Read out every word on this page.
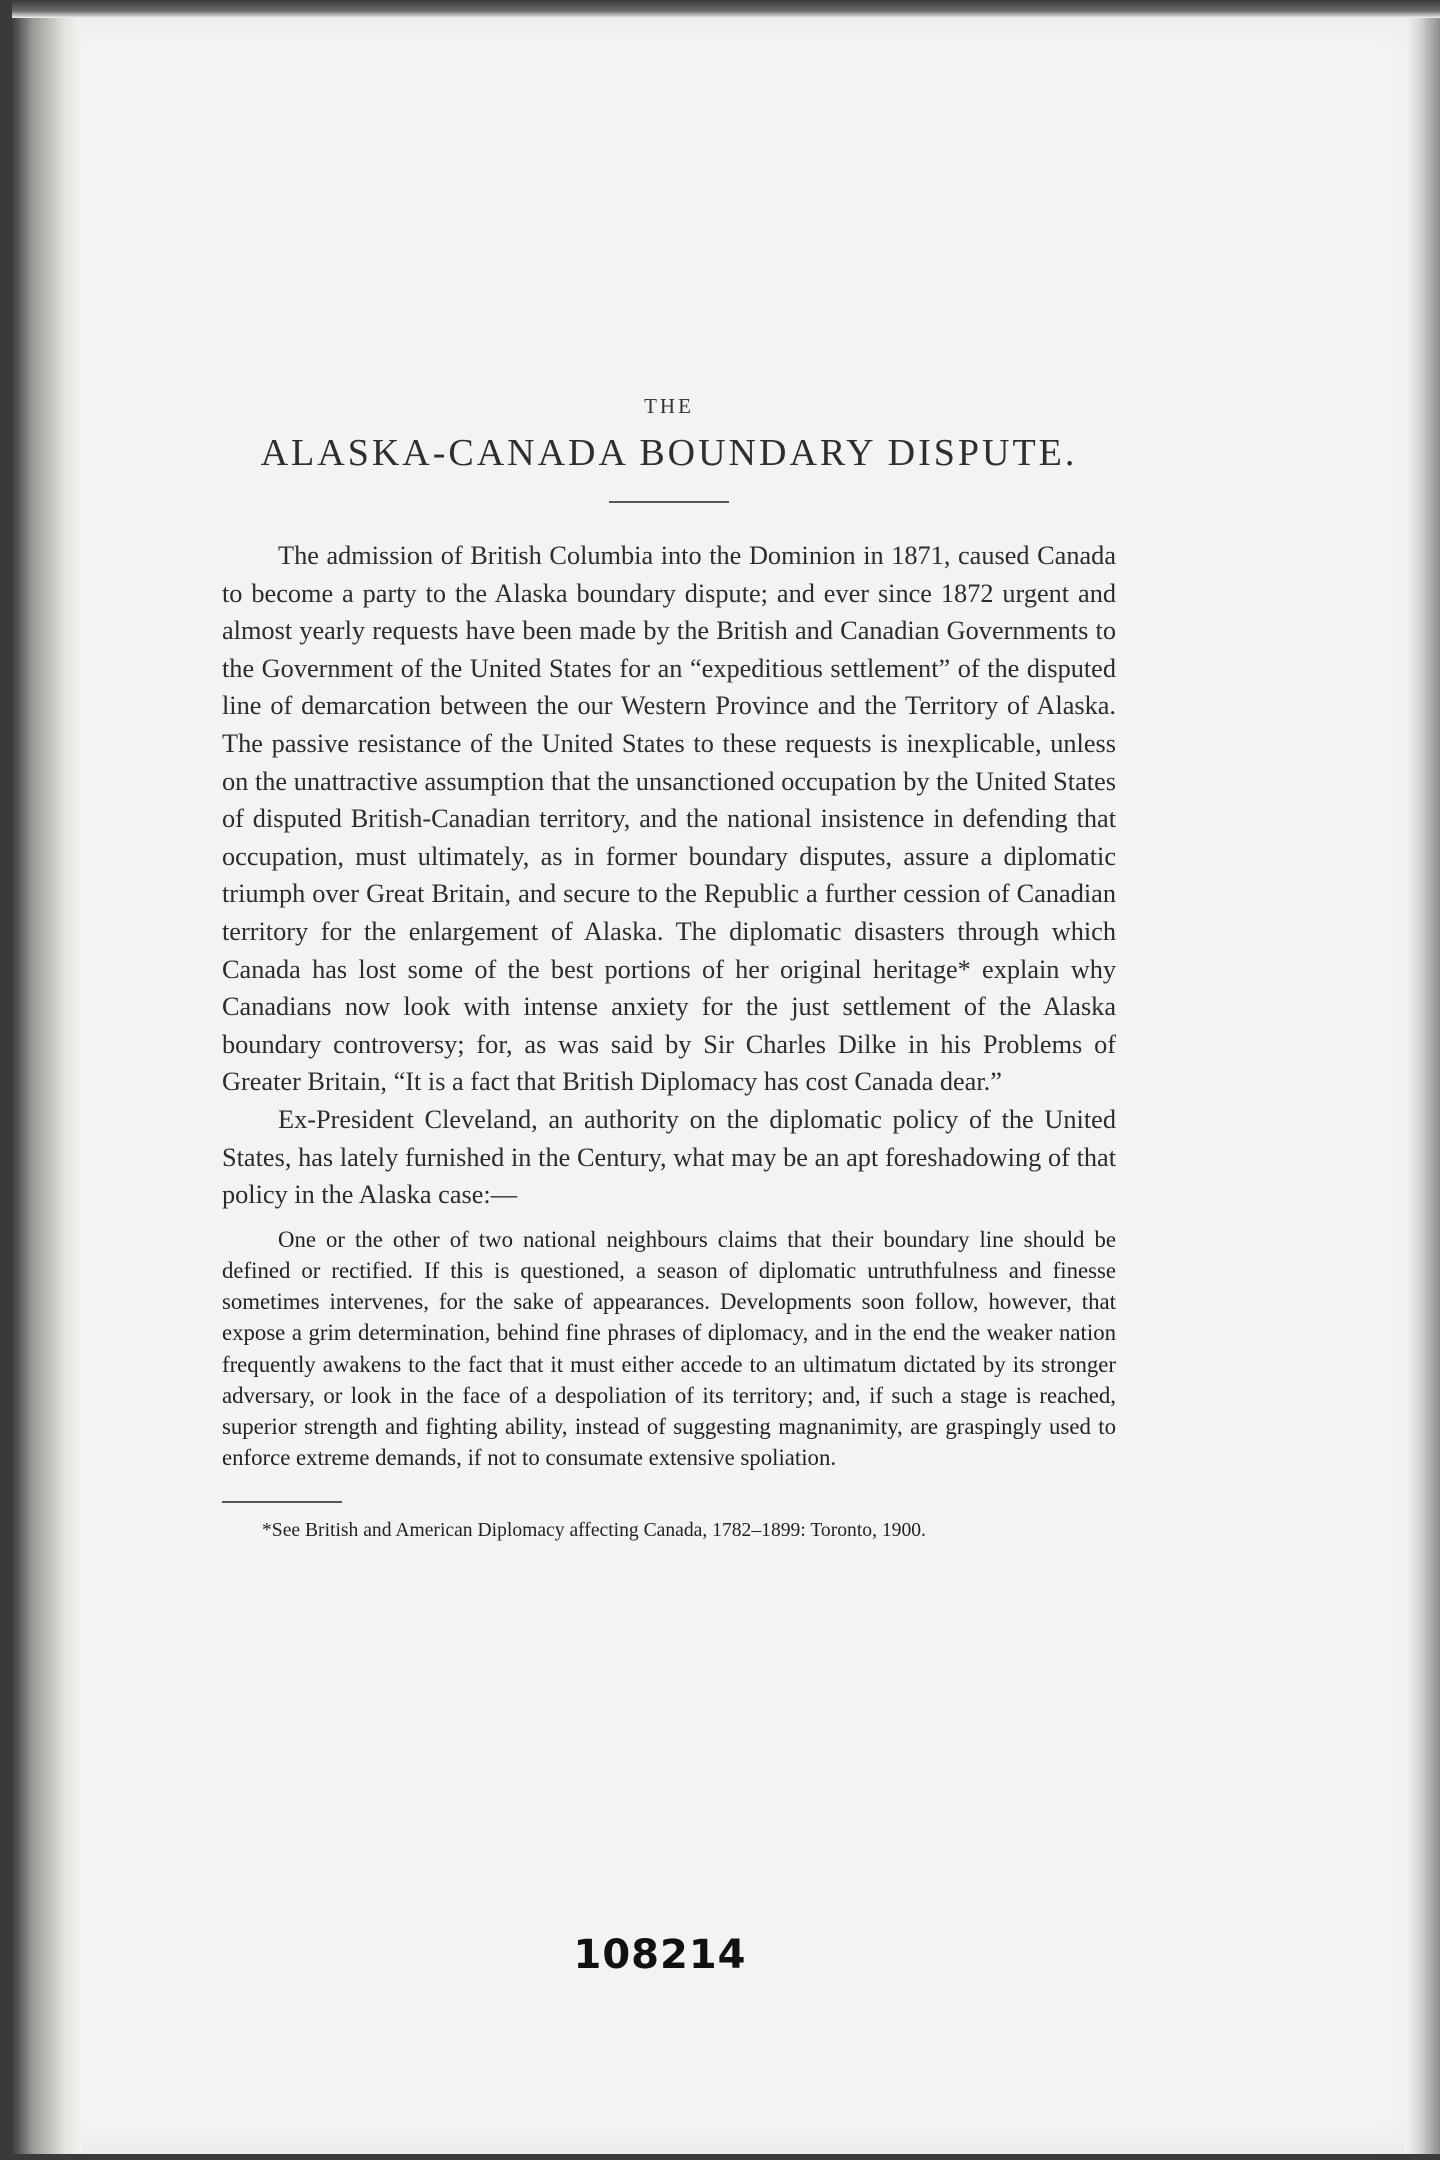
THE
ALASKA-CANADA BOUNDARY DISPUTE.

The admission of British Columbia into the Dominion in 1871, caused Canada to become a party to the Alaska boundary dispute; and ever since 1872 urgent and almost yearly requests have been made by the British and Canadian Governments to the Government of the United States for an “expeditious settlement” of the disputed line of demarcation between the our Western Province and the Territory of Alaska. The passive resistance of the United States to these requests is inexplicable, unless on the unattractive assumption that the unsanctioned occupation by the United States of disputed British-Canadian territory, and the national insistence in defending that occupation, must ultimately, as in former boundary disputes, assure a diplomatic triumph over Great Britain, and secure to the Republic a further cession of Canadian territory for the enlargement of Alaska. The diplomatic disasters through which Canada has lost some of the best portions of her original heritage* explain why Canadians now look with intense anxiety for the just settlement of the Alaska boundary controversy; for, as was said by Sir Charles Dilke in his Problems of Greater Britain, “It is a fact that British Diplomacy has cost Canada dear.”

Ex-President Cleveland, an authority on the diplomatic policy of the United States, has lately furnished in the Century, what may be an apt foreshadowing of that policy in the Alaska case:—

One or the other of two national neighbours claims that their boundary line should be defined or rectified. If this is questioned, a season of diplomatic untruthfulness and finesse sometimes intervenes, for the sake of appearances. Developments soon follow, however, that expose a grim determination, behind fine phrases of diplomacy, and in the end the weaker nation frequently awakens to the fact that it must either accede to an ultimatum dictated by its stronger adversary, or look in the face of a despoliation of its territory; and, if such a stage is reached, superior strength and fighting ability, instead of suggesting magnanimity, are graspingly used to enforce extreme demands, if not to consumate extensive spoliation.

*See British and American Diplomacy affecting Canada, 1782–1899: Toronto, 1900.

108214
